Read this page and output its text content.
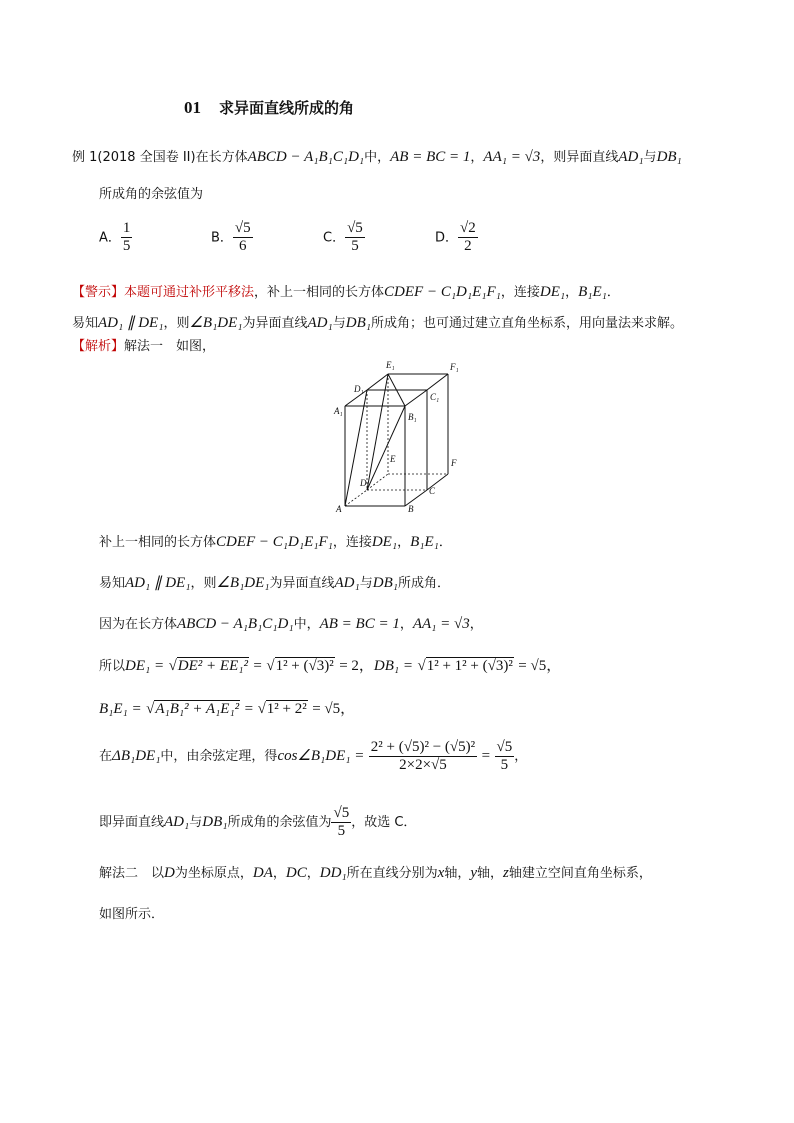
01 求异面直线所成的角
例 1(2018 全国卷 II)在长方体ABCD − A₁B₁C₁D₁中，AB = BC = 1，AA₁ = √3，则异面直线AD₁与DB₁
所成角的余弦值为
A． $\frac{1}{5}$	B． $\frac{√5}{6}$	C． $\frac{√5}{5}$	D． $\frac{√2}{2}$
【警示】本题可通过补形平移法，补上一相同的长方体CDEF − C₁D₁E₁F₁，连接DE₁，B₁E₁．
易知AD₁ ∥ DE₁，则∠B₁DE₁为异面直线AD₁与DB₁所成角；也可通过建立直角坐标系，用向量法来求解。
【解析】解法一　如图，
E₁	F₁
D₁
C₁
A₁
B₁
E	F
D
C
A	B
补上一相同的长方体CDEF − C₁D₁E₁F₁，连接DE₁，B₁E₁．
易知AD₁ ∥ DE₁，则∠B₁DE₁为异面直线AD₁与DB₁所成角．
因为在长方体ABCD − A₁B₁C₁D₁中，AB = BC = 1，AA₁ = √3，
所以DE₁ = √DE² + EE₁² = √1² + (√3)² = 2，DB₁ = √1² + 1² + (√3)² = √5，
B₁E₁ = √A₁B₁² + A₁E₁² = √1² + 2² = √5，
在ΔB₁DE₁中，由余弦定理，得cos∠B₁DE₁ = $\frac{\text{2² + (√5)² − (√5)²}}{2\times 2\times√5} = \frac{√5}{5}$ ，
即异面直线AD₁与DB₁所成角的余弦值为 $\frac{√5}{5}$ ，故选 C．
解法二　以D为坐标原点，DA，DC，DD₁所在直线分别为x轴，y轴，z轴建立空间直角坐标系，
如图所示．
